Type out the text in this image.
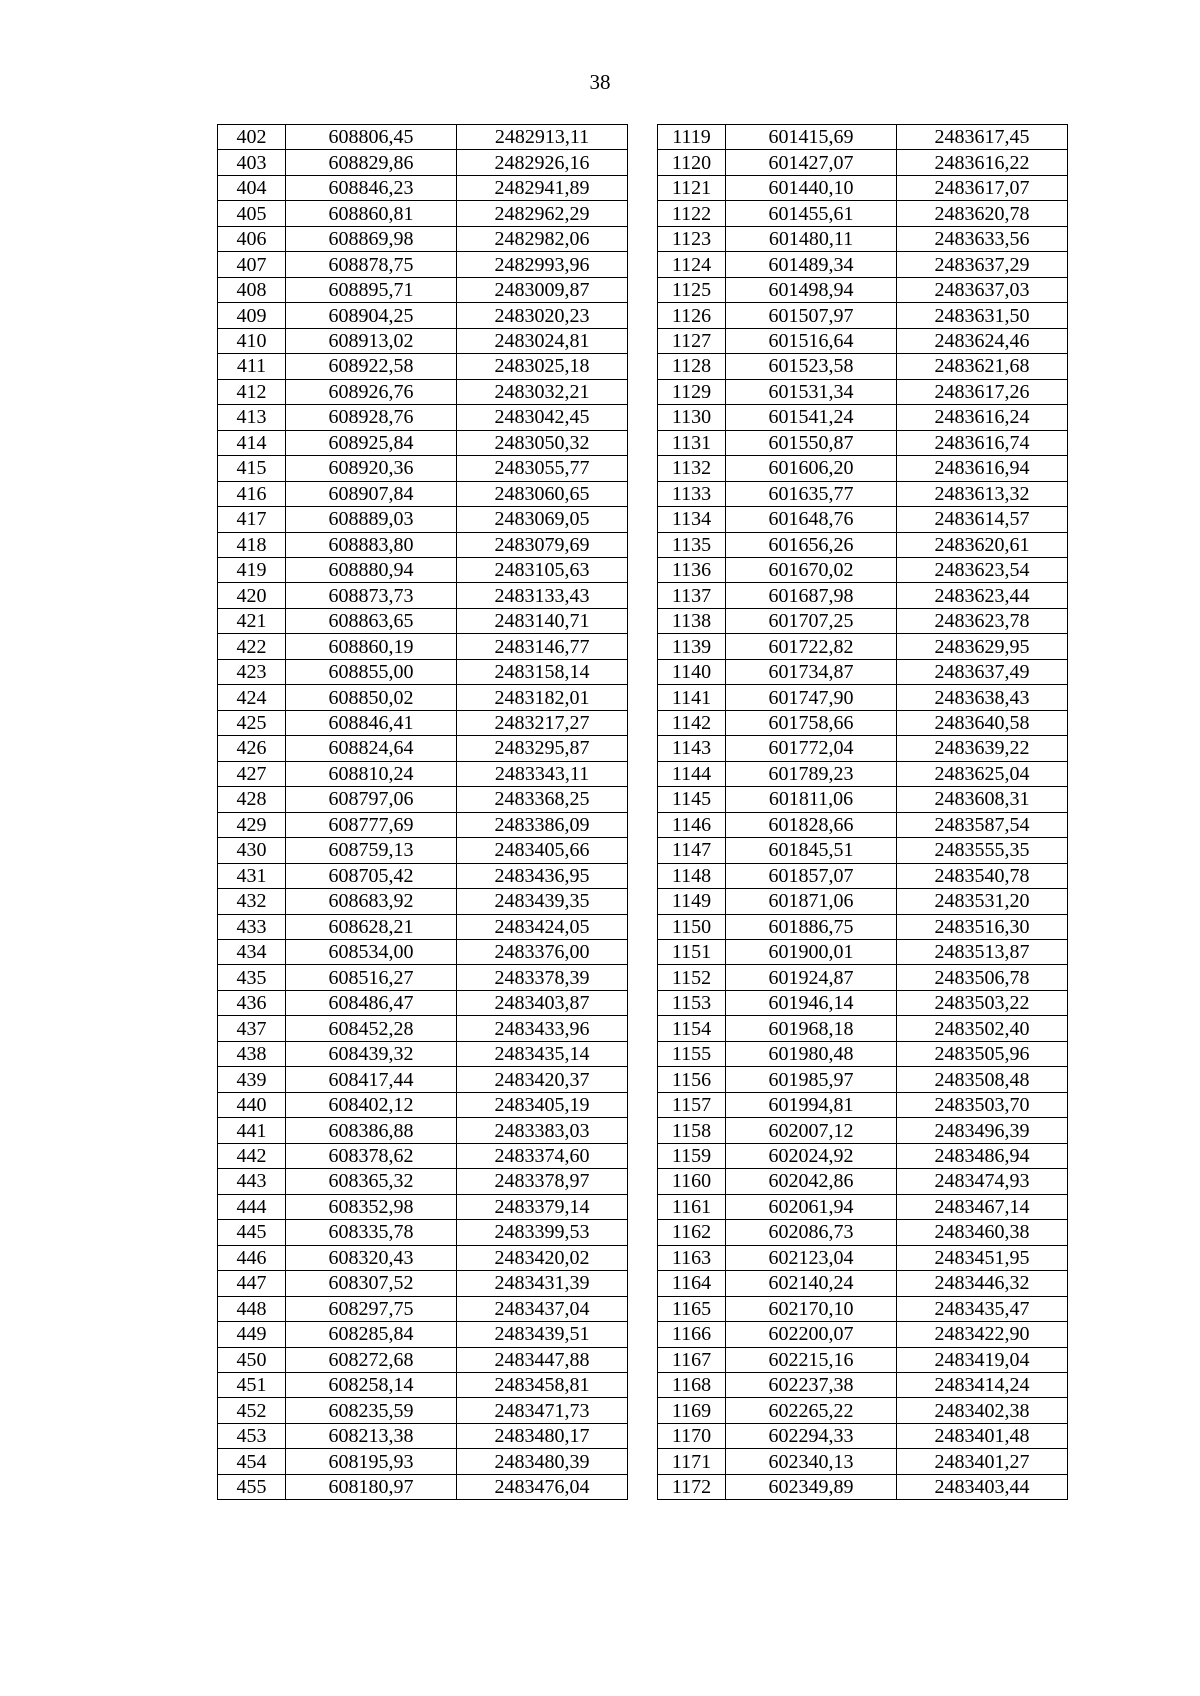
38
402	608806,45	2482913,11		1119	601415,69	2483617,45
403	608829,86	2482926,16		1120	601427,07	2483616,22
404	608846,23	2482941,89		1121	601440,10	2483617,07
405	608860,81	2482962,29		1122	601455,61	2483620,78
406	608869,98	2482982,06		1123	601480,11	2483633,56
407	608878,75	2482993,96		1124	601489,34	2483637,29
408	608895,71	2483009,87		1125	601498,94	2483637,03
409	608904,25	2483020,23		1126	601507,97	2483631,50
410	608913,02	2483024,81		1127	601516,64	2483624,46
411	608922,58	2483025,18		1128	601523,58	2483621,68
412	608926,76	2483032,21		1129	601531,34	2483617,26
413	608928,76	2483042,45		1130	601541,24	2483616,24
414	608925,84	2483050,32		1131	601550,87	2483616,74
415	608920,36	2483055,77		1132	601606,20	2483616,94
416	608907,84	2483060,65		1133	601635,77	2483613,32
417	608889,03	2483069,05		1134	601648,76	2483614,57
418	608883,80	2483079,69		1135	601656,26	2483620,61
419	608880,94	2483105,63		1136	601670,02	2483623,54
420	608873,73	2483133,43		1137	601687,98	2483623,44
421	608863,65	2483140,71		1138	601707,25	2483623,78
422	608860,19	2483146,77		1139	601722,82	2483629,95
423	608855,00	2483158,14		1140	601734,87	2483637,49
424	608850,02	2483182,01		1141	601747,90	2483638,43
425	608846,41	2483217,27		1142	601758,66	2483640,58
426	608824,64	2483295,87		1143	601772,04	2483639,22
427	608810,24	2483343,11		1144	601789,23	2483625,04
428	608797,06	2483368,25		1145	601811,06	2483608,31
429	608777,69	2483386,09		1146	601828,66	2483587,54
430	608759,13	2483405,66		1147	601845,51	2483555,35
431	608705,42	2483436,95		1148	601857,07	2483540,78
432	608683,92	2483439,35		1149	601871,06	2483531,20
433	608628,21	2483424,05		1150	601886,75	2483516,30
434	608534,00	2483376,00		1151	601900,01	2483513,87
435	608516,27	2483378,39		1152	601924,87	2483506,78
436	608486,47	2483403,87		1153	601946,14	2483503,22
437	608452,28	2483433,96		1154	601968,18	2483502,40
438	608439,32	2483435,14		1155	601980,48	2483505,96
439	608417,44	2483420,37		1156	601985,97	2483508,48
440	608402,12	2483405,19		1157	601994,81	2483503,70
441	608386,88	2483383,03		1158	602007,12	2483496,39
442	608378,62	2483374,60		1159	602024,92	2483486,94
443	608365,32	2483378,97		1160	602042,86	2483474,93
444	608352,98	2483379,14		1161	602061,94	2483467,14
445	608335,78	2483399,53		1162	602086,73	2483460,38
446	608320,43	2483420,02		1163	602123,04	2483451,95
447	608307,52	2483431,39		1164	602140,24	2483446,32
448	608297,75	2483437,04		1165	602170,10	2483435,47
449	608285,84	2483439,51		1166	602200,07	2483422,90
450	608272,68	2483447,88		1167	602215,16	2483419,04
451	608258,14	2483458,81		1168	602237,38	2483414,24
452	608235,59	2483471,73		1169	602265,22	2483402,38
453	608213,38	2483480,17		1170	602294,33	2483401,48
454	608195,93	2483480,39		1171	602340,13	2483401,27
455	608180,97	2483476,04		1172	602349,89	2483403,44
